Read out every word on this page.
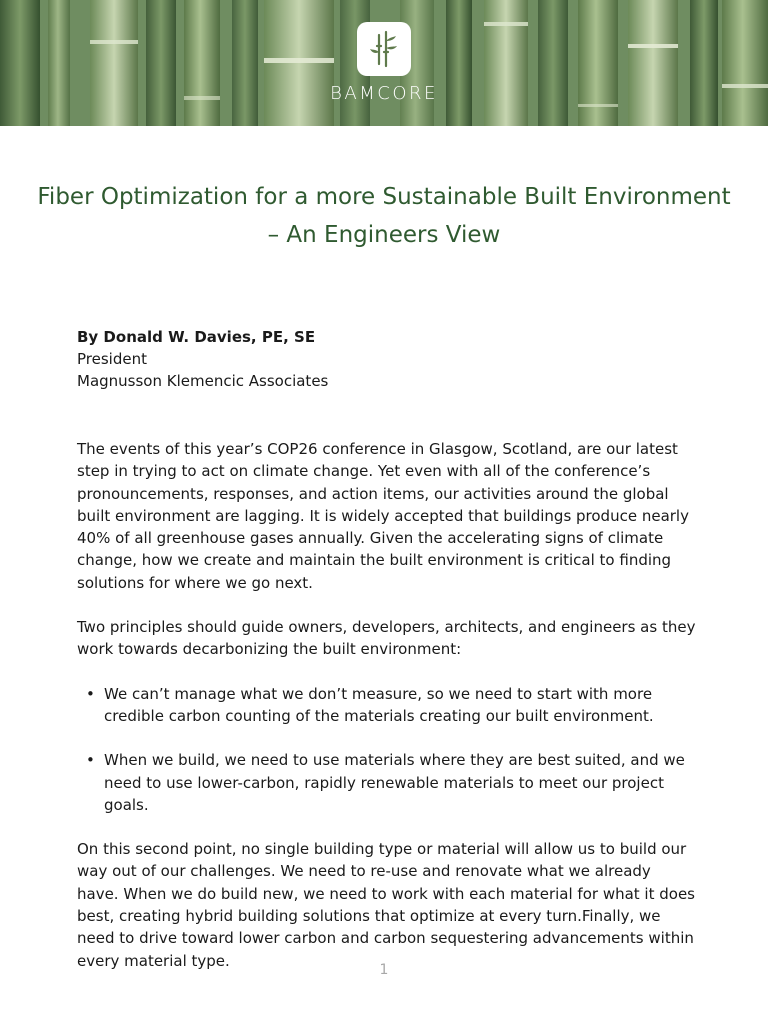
BAMCORE
Fiber Optimization for a more Sustainable Built Environment
– An Engineers View
By Donald W. Davies, PE, SE
President
Magnusson Klemencic Associates

The events of this year’s COP26 conference in Glasgow, Scotland, are our latest step in trying to act on climate change. Yet even with all of the conference’s pronouncements, responses, and action items, our activities around the global built environment are lagging. It is widely accepted that buildings produce nearly 40% of all greenhouse gases annually. Given the accelerating signs of climate change, how we create and maintain the built environment is critical to finding solutions for where we go next.

Two principles should guide owners, developers, architects, and engineers as they work towards decarbonizing the built environment:

• We can’t manage what we don’t measure, so we need to start with more credible carbon counting of the materials creating our built environment.
• When we build, we need to use materials where they are best suited, and we need to use lower-carbon, rapidly renewable materials to meet our project goals.

On this second point, no single building type or material will allow us to build our way out of our challenges. We need to re-use and renovate what we already have. When we do build new, we need to work with each material for what it does best, creating hybrid building solutions that optimize at every turn.Finally, we need to drive toward lower carbon and carbon sequestering advancements within every material type.

1
